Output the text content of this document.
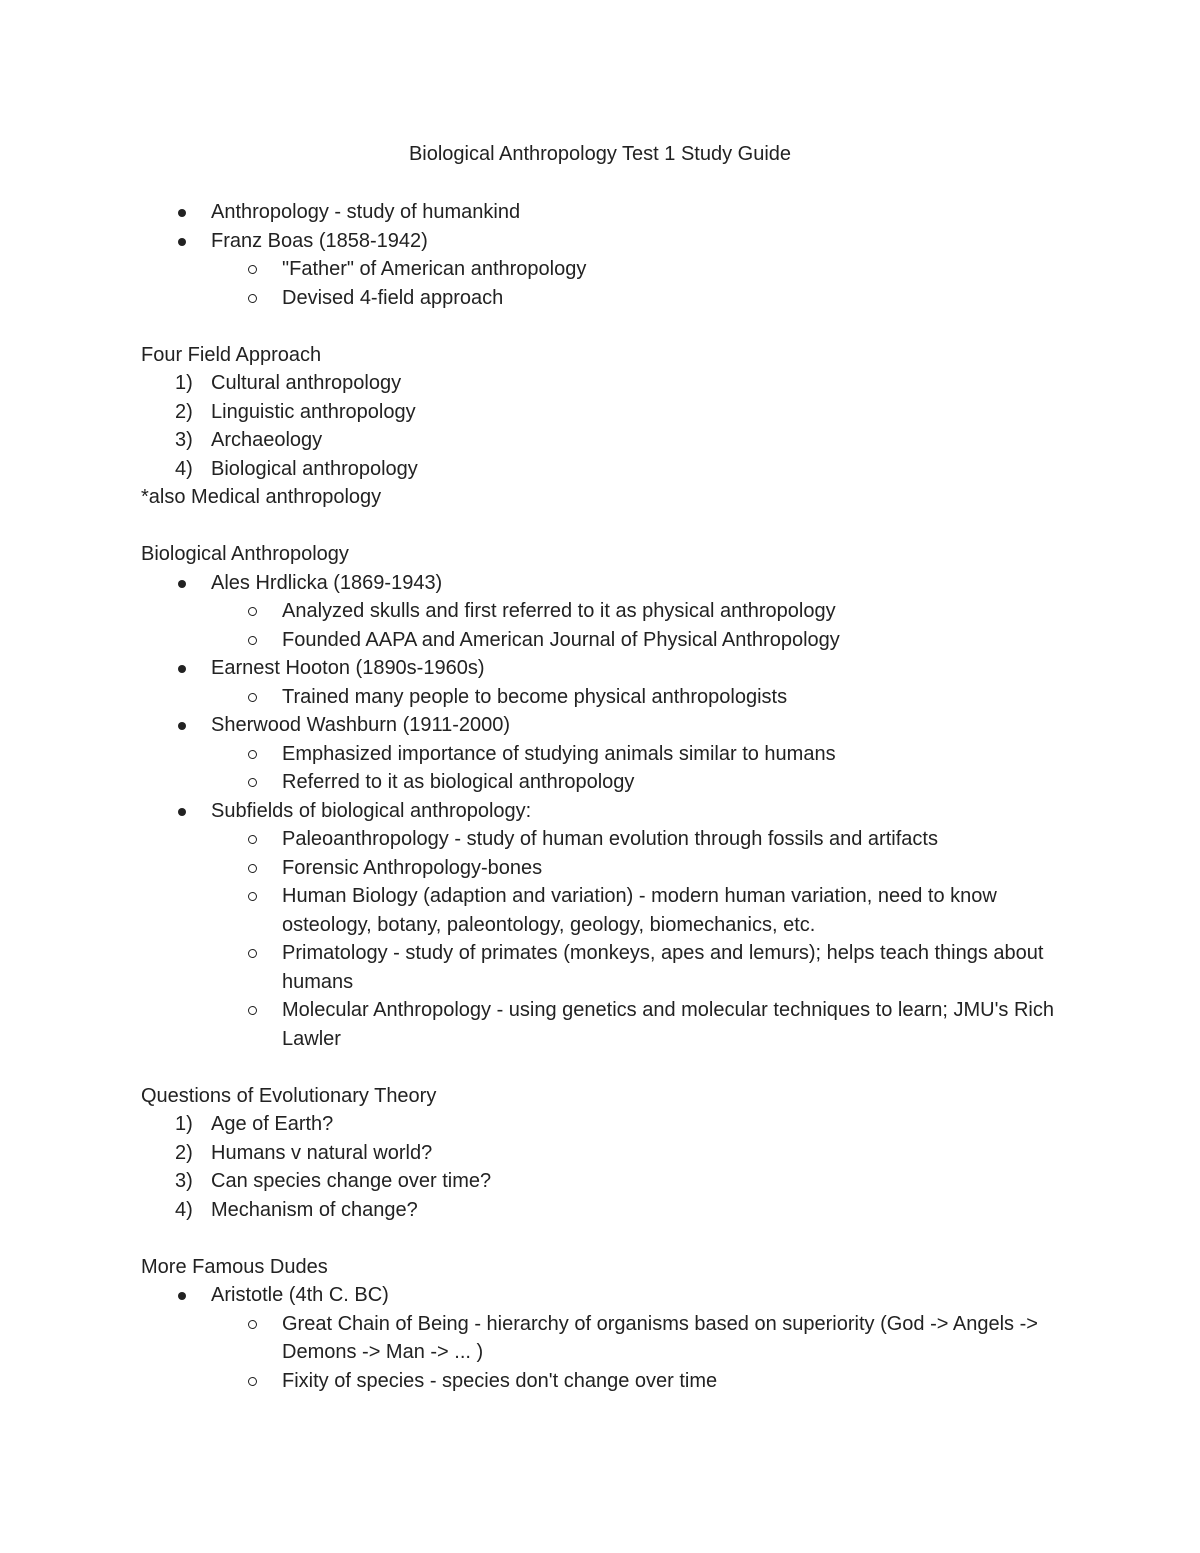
Biological Anthropology Test 1 Study Guide
Anthropology - study of humankind
Franz Boas (1858-1942)
"Father" of American anthropology
Devised 4-field approach
Four Field Approach
1) Cultural anthropology
2) Linguistic anthropology
3) Archaeology
4) Biological anthropology
*also Medical anthropology
Biological Anthropology
Ales Hrdlicka (1869-1943)
Analyzed skulls and first referred to it as physical anthropology
Founded AAPA and American Journal of Physical Anthropology
Earnest Hooton (1890s-1960s)
Trained many people to become physical anthropologists
Sherwood Washburn (1911-2000)
Emphasized importance of studying animals similar to humans
Referred to it as biological anthropology
Subfields of biological anthropology:
Paleoanthropology - study of human evolution through fossils and artifacts
Forensic Anthropology-bones
Human Biology (adaption and variation) - modern human variation, need to know osteology, botany, paleontology, geology, biomechanics, etc.
Primatology - study of primates (monkeys, apes and lemurs); helps teach things about humans
Molecular Anthropology - using genetics and molecular techniques to learn; JMU's Rich Lawler
Questions of Evolutionary Theory
1) Age of Earth?
2) Humans v natural world?
3) Can species change over time?
4) Mechanism of change?
More Famous Dudes
Aristotle (4th C. BC)
Great Chain of Being - hierarchy of organisms based on superiority (God -> Angels -> Demons -> Man -> ... )
Fixity of species - species don't change over time
